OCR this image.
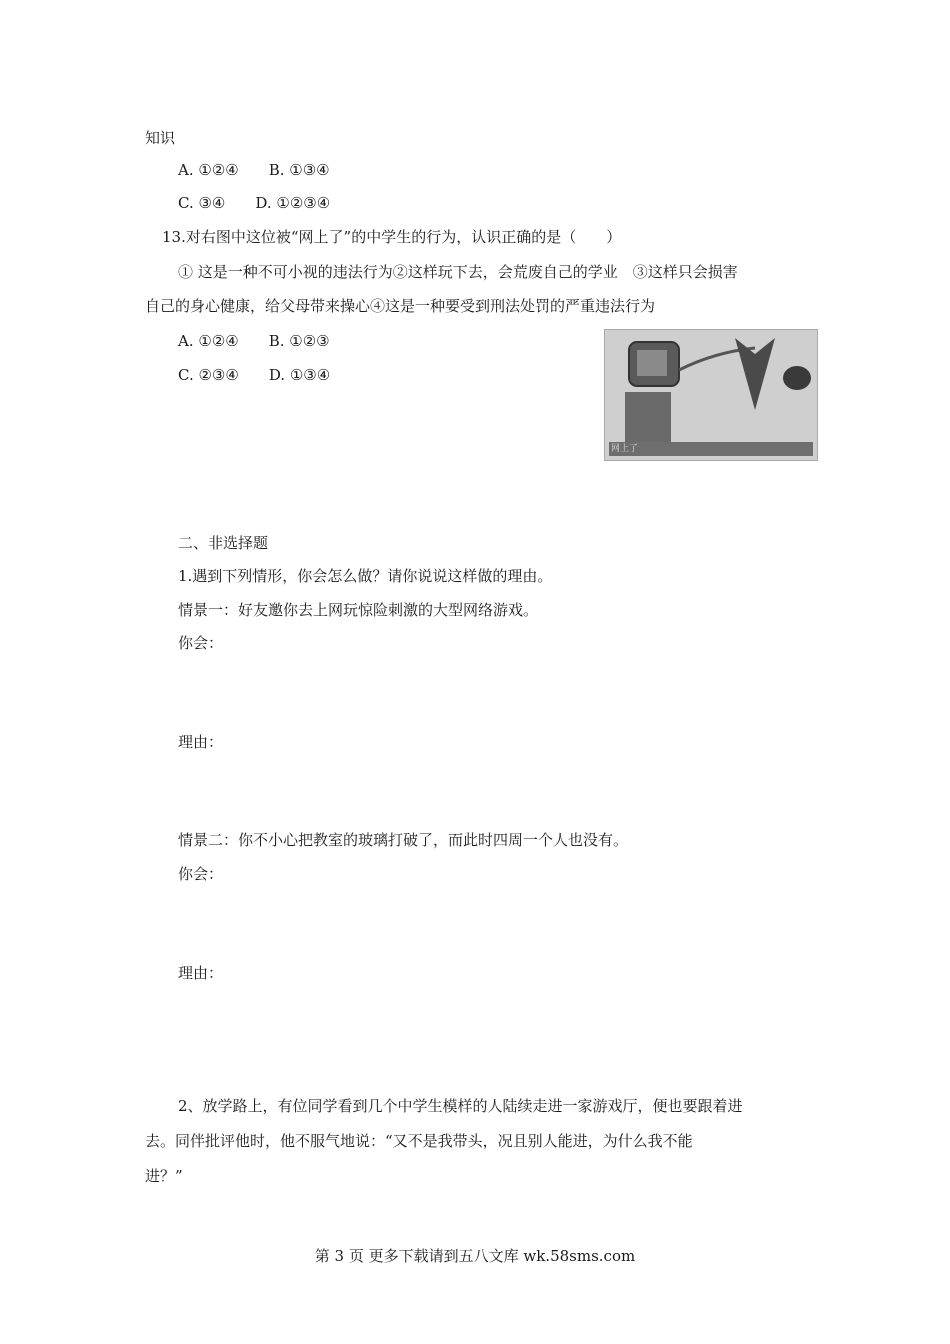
知识
A. ①②④　　B. ①③④
C. ③④　　D. ①②③④
13.对右图中这位被“网上了”的中学生的行为，认识正确的是（　　）
① 这是一种不可小视的违法行为②这样玩下去，会荒废自己的学业　③这样只会损害
自己的身心健康，给父母带来操心④这是一种要受到刑法处罚的严重违法行为
A. ①②④　　B. ①②③
C. ②③④　　D. ①③④
网上了
二、非选择题
1.遇到下列情形，你会怎么做？请你说说这样做的理由。
情景一：好友邀你去上网玩惊险刺激的大型网络游戏。
你会：
理由：
情景二：你不小心把教室的玻璃打破了，而此时四周一个人也没有。
你会：
理由：
2、放学路上，有位同学看到几个中学生模样的人陆续走进一家游戏厅，便也要跟着进
去。同伴批评他时，他不服气地说：“又不是我带头，况且别人能进，为什么我不能
进？”
第 3 页 更多下载请到五八文库 wk.58sms.com
